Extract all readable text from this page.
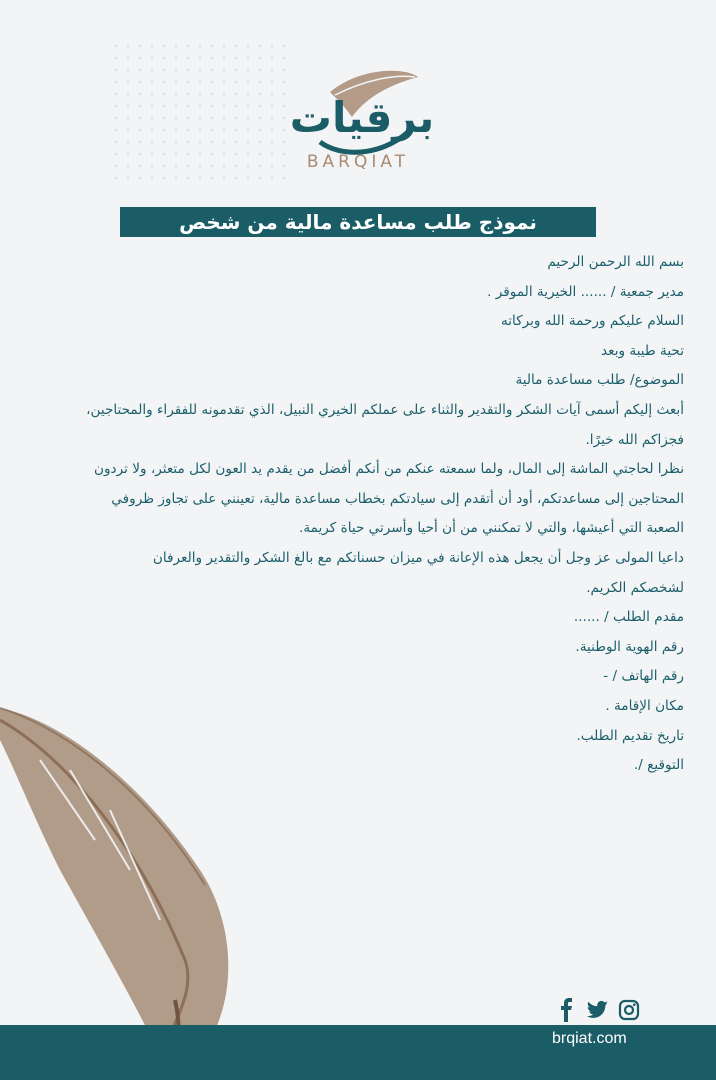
برقيات
BARQIAT
نموذج طلب مساعدة مالية من شخص
بسم الله الرحمن الرحيم
مدير جمعية / ...... الخيرية الموقر .
السلام عليكم ورحمة الله وبركاته
تحية طيبة وبعد
الموضوع/ طلب مساعدة مالية
أبعث إليكم أسمى آيات الشكر والتقدير والثناء على عملكم الخيري النبيل، الذي تقدمونه للفقراء والمحتاجين،
فجزاكم الله خيرًا.
نظرا لحاجتي الماشة إلى المال، ولما سمعته عنكم من أنكم أفضل من يقدم يد العون لكل متعثر، ولا تردون
المحتاجين إلى مساعدتكم، أود أن أتقدم إلى سيادتكم بخطاب مساعدة مالية، تعينني على تجاوز ظروفي
الصعبة التي أعيشها، والتي لا تمكنني من أن أحيا وأسرتي حياة كريمة.
داعيا المولى عز وجل أن يجعل هذه الإعانة في ميزان حسناتكم مع بالغ الشكر والتقدير والعرفان
لشخصكم الكريم.
مقدم الطلب / ......
رقم الهوية الوطنية.
رقم الهاتف / -
مكان الإقامة .
تاريخ تقديم الطلب.
التوقيع /.
brqiat.com
